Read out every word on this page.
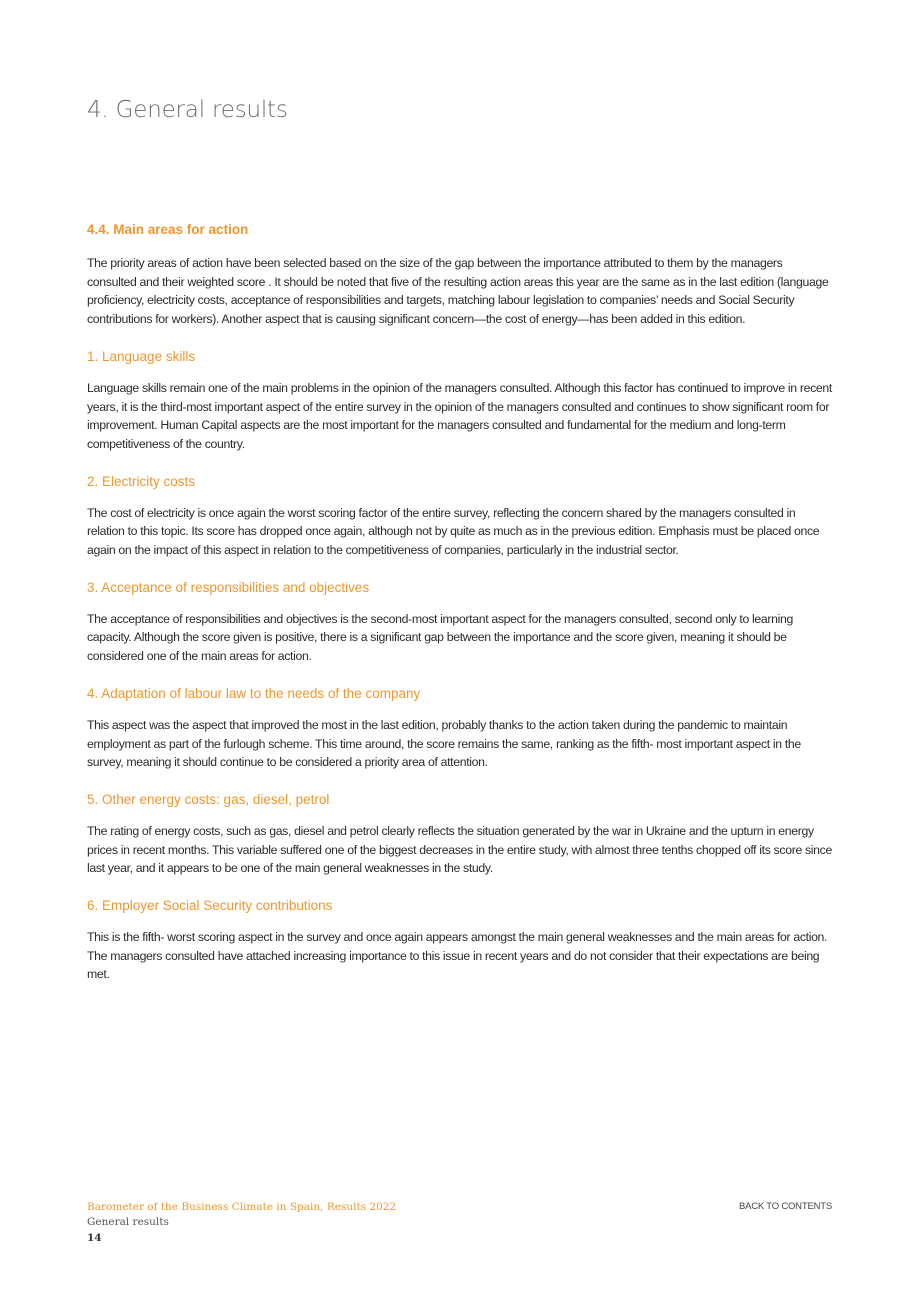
4. General results
4.4. Main areas for action

The priority areas of action have been selected based on the size of the gap between the importance attributed to them by the managers consulted and their weighted score . It should be noted that five of the resulting action areas this year are the same as in the last edition (language proficiency, electricity costs, acceptance of responsibilities and targets, matching labour legislation to companies’ needs and Social Security contributions for workers). Another aspect that is causing significant concern—the cost of energy—has been added in this edition.

1. Language skills

Language skills remain one of the main problems in the opinion of the managers consulted. Although this factor has continued to improve in recent years, it is the third-most important aspect of the entire survey in the opinion of the managers consulted and continues to show significant room for improvement. Human Capital aspects are the most important for the managers consulted and fundamental for the medium and long-term competitiveness of the country.

2. Electricity costs

The cost of electricity is once again the worst scoring factor of the entire survey, reflecting the concern shared by the managers consulted in relation to this topic. Its score has dropped once again, although not by quite as much as in the previous edition. Emphasis must be placed once again on the impact of this aspect in relation to the competitiveness of companies, particularly in the industrial sector.

3. Acceptance of responsibilities and objectives

The acceptance of responsibilities and objectives is the second-most important aspect for the managers consulted, second only to learning capacity. Although the score given is positive, there is a significant gap between the importance and the score given, meaning it should be considered one of the main areas for action.

4. Adaptation of labour law to the needs of the company

This aspect was the aspect that improved the most in the last edition, probably thanks to the action taken during the pandemic to maintain employment as part of the furlough scheme. This time around, the score remains the same, ranking as the fifth- most important aspect in the survey, meaning it should continue to be considered a priority area of attention.

5. Other energy costs: gas, diesel, petrol

The rating of energy costs, such as gas, diesel and petrol clearly reflects the situation generated by the war in Ukraine and the upturn in energy prices in recent months. This variable suffered one of the biggest decreases in the entire study, with almost three tenths chopped off its score since last year, and it appears to be one of the main general weaknesses in the study.

6. Employer Social Security contributions

This is the fifth- worst scoring aspect in the survey and once again appears amongst the main general weaknesses and the main areas for action. The managers consulted have attached increasing importance to this issue in recent years and do not consider that their expectations are being met.

Barometer of the Business Climate in Spain, Results 2022
General results
14
BACK TO CONTENTS
